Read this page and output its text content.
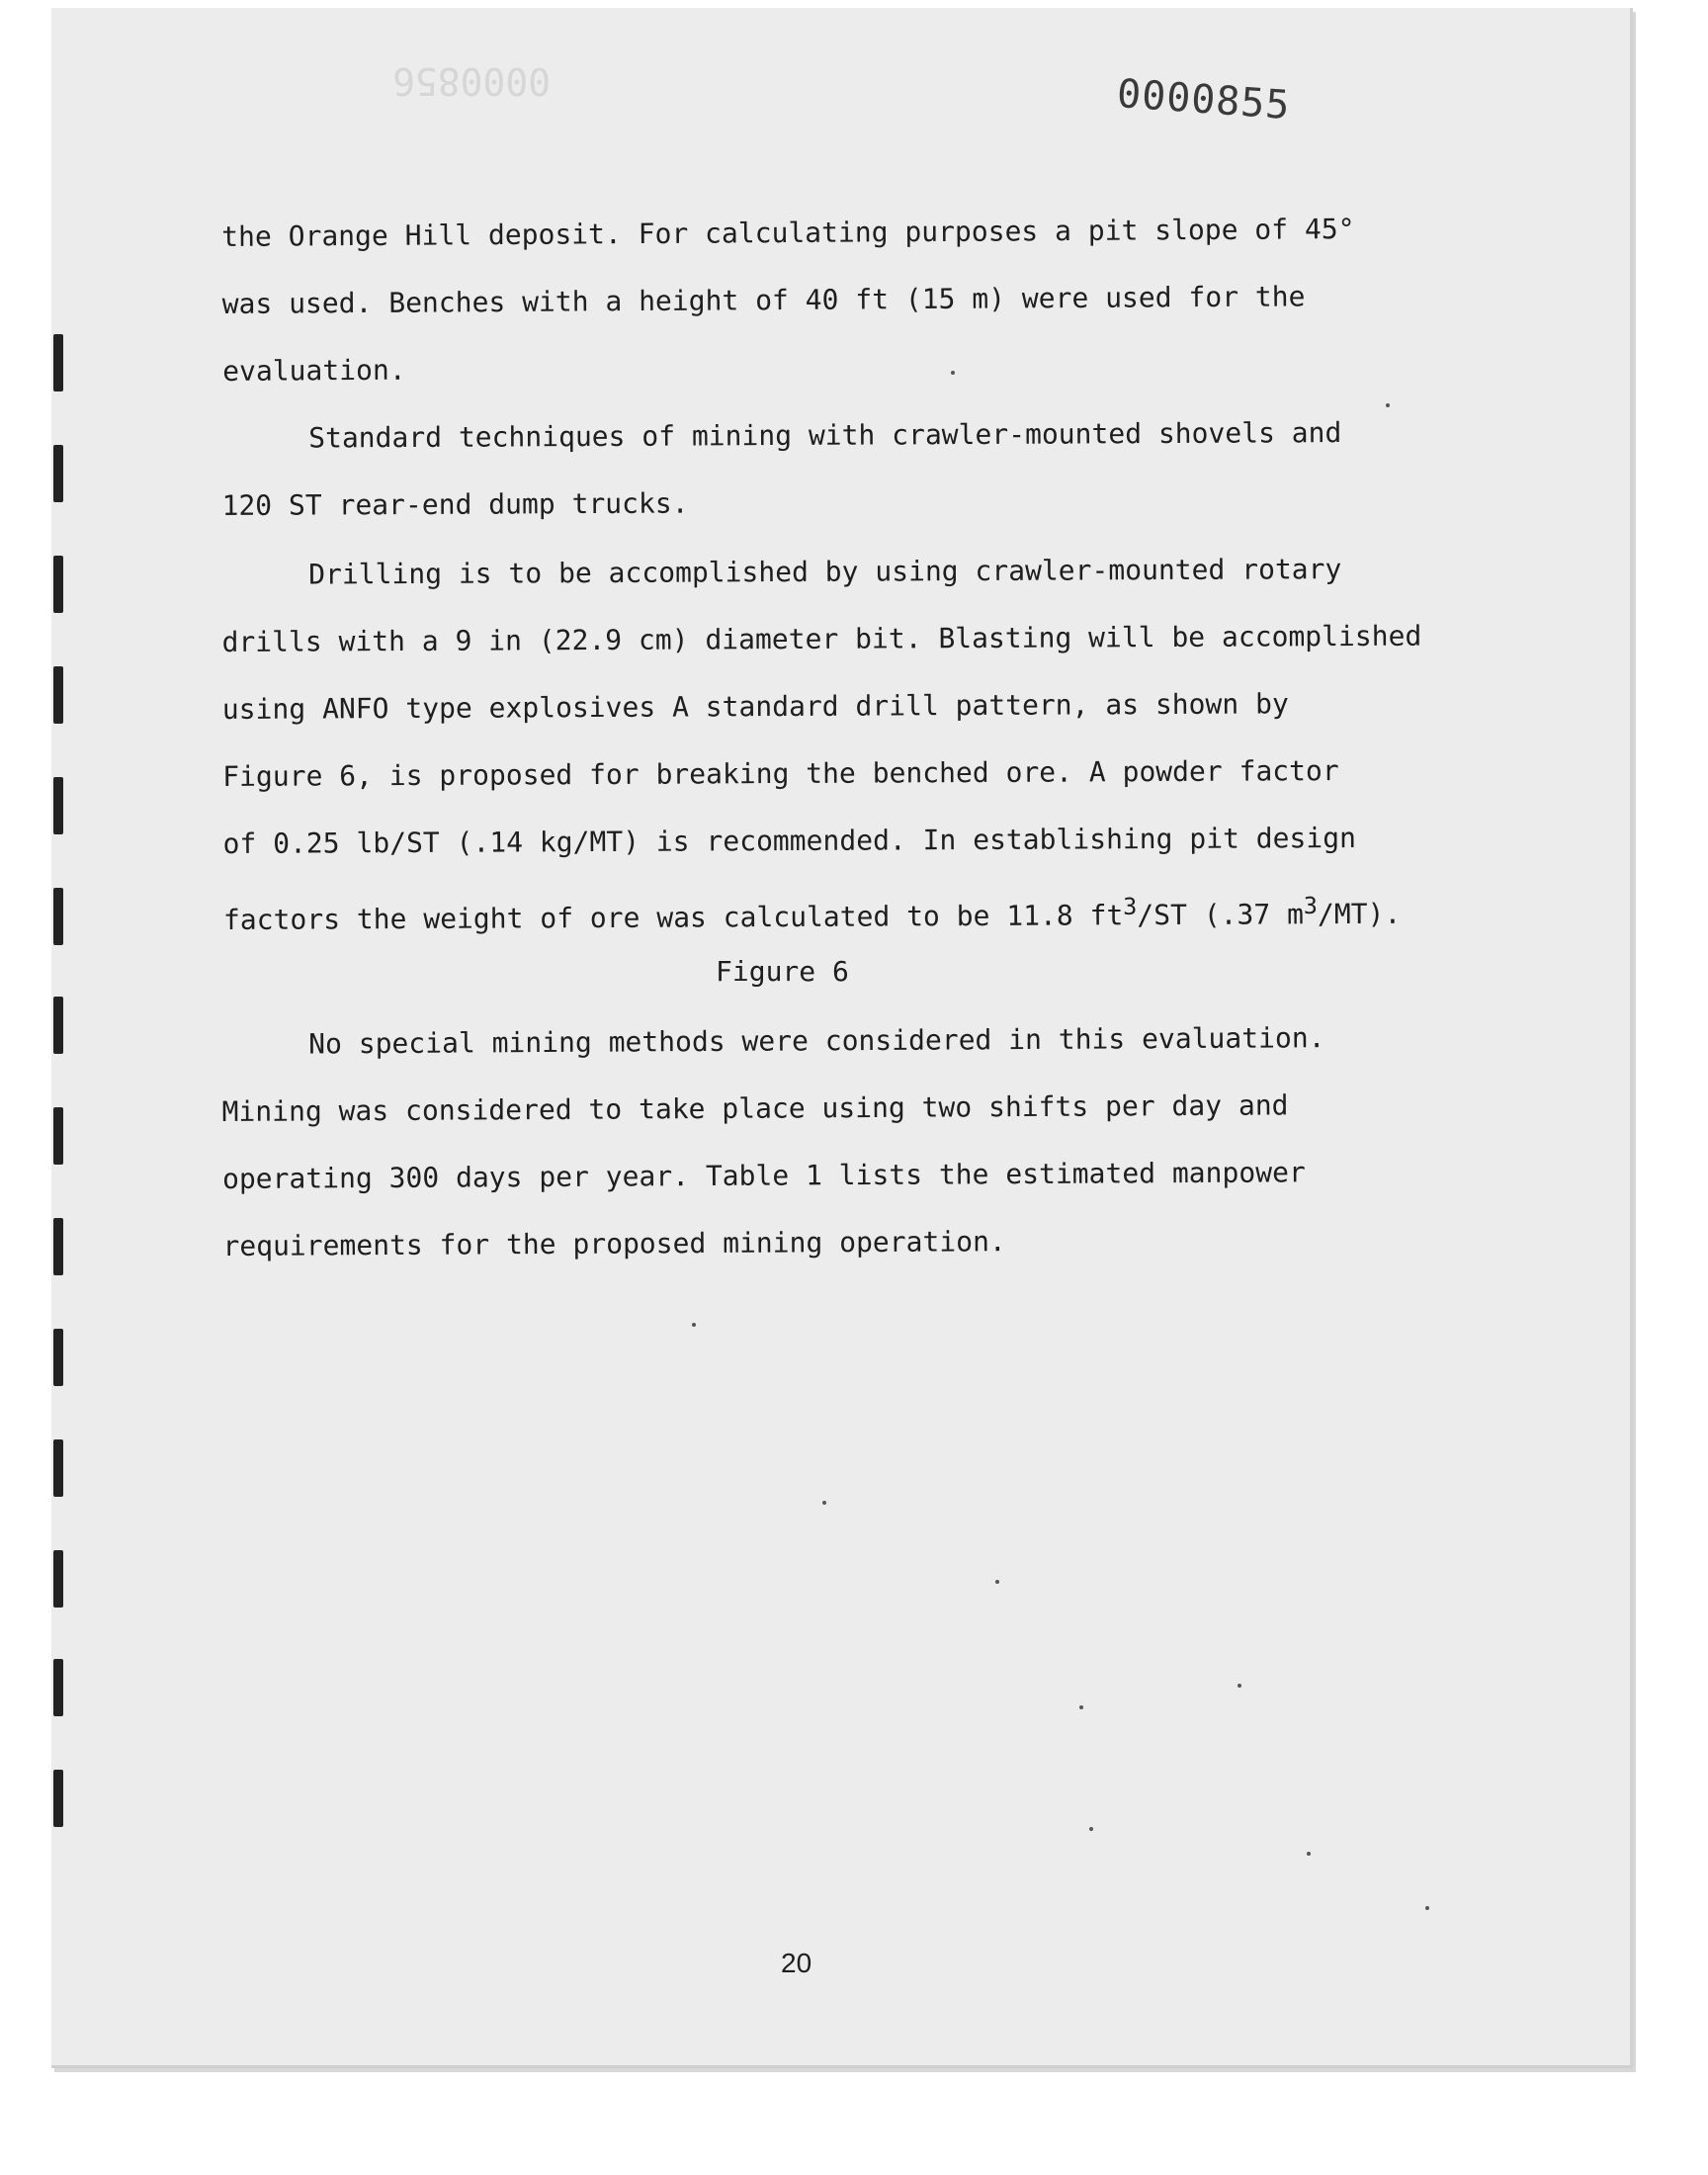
0000856	0000855

the Orange Hill deposit. For calculating purposes a pit slope of 45°
was used. Benches with a height of 40 ft (15 m) were used for the
evaluation.

Standard techniques of mining with crawler-mounted shovels and
120 ST rear-end dump trucks.

Drilling is to be accomplished by using crawler-mounted rotary
drills with a 9 in (22.9 cm) diameter bit. Blasting will be accomplished
using ANFO type explosives A standard drill pattern, as shown by
Figure 6, is proposed for breaking the benched ore. A powder factor
of 0.25 lb/ST (.14 kg/MT) is recommended. In establishing pit design
factors the weight of ore was calculated to be 11.8 $ft^3/ST$ (.37 $m^3/MT$).

Figure 6

No special mining methods were considered in this evaluation.
Mining was considered to take place using two shifts per day and
operating 300 days per year. Table 1 lists the estimated manpower
requirements for the proposed mining operation.

20
